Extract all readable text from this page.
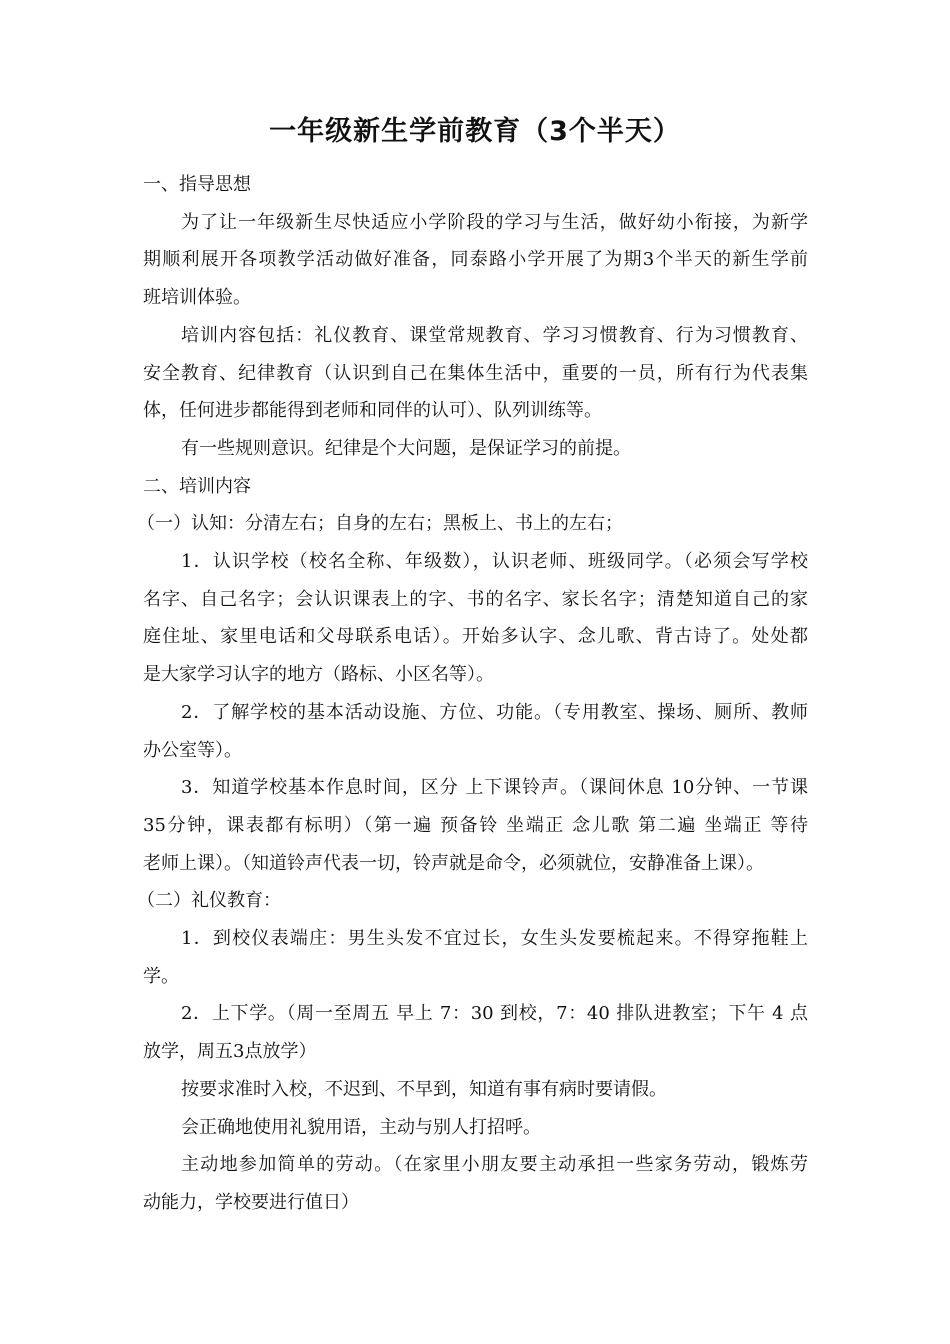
一年级新生学前教育（3个半天）
一、指导思想
为了让一年级新生尽快适应小学阶段的学习与生活，做好幼小衔接，为新学
期顺利展开各项教学活动做好准备，同泰路小学开展了为期3个半天的新生学前
班培训体验。
培训内容包括：礼仪教育、课堂常规教育、学习习惯教育、行为习惯教育、
安全教育、纪律教育（认识到自己在集体生活中，重要的一员，所有行为代表集
体，任何进步都能得到老师和同伴的认可）、队列训练等。
有一些规则意识。纪律是个大问题，是保证学习的前提。
二、培训内容
（一）认知：分清左右；自身的左右；黑板上、书上的左右；
1．认识学校（校名全称、年级数），认识老师、班级同学。（必须会写学校
名字、自己名字；会认识课表上的字、书的名字、家长名字；清楚知道自己的家
庭住址、家里电话和父母联系电话）。开始多认字、念儿歌、背古诗了。处处都
是大家学习认字的地方（路标、小区名等）。
2．了解学校的基本活动设施、方位、功能。（专用教室、操场、厕所、教师
办公室等）。
3．知道学校基本作息时间，区分 上下课铃声。（课间休息 10分钟、一节课
35分钟，课表都有标明）（第一遍 预备铃 坐端正 念儿歌 第二遍 坐端正 等待
老师上课）。（知道铃声代表一切，铃声就是命令，必须就位，安静准备上课）。
（二）礼仪教育：
1．到校仪表端庄：男生头发不宜过长，女生头发要梳起来。不得穿拖鞋上
学。
2．上下学。（周一至周五 早上 7：30 到校，7：40 排队进教室；下午 4 点
放学，周五3点放学）
按要求准时入校，不迟到、不早到，知道有事有病时要请假。
会正确地使用礼貌用语，主动与别人打招呼。
主动地参加简单的劳动。（在家里小朋友要主动承担一些家务劳动，锻炼劳
动能力，学校要进行值日）
